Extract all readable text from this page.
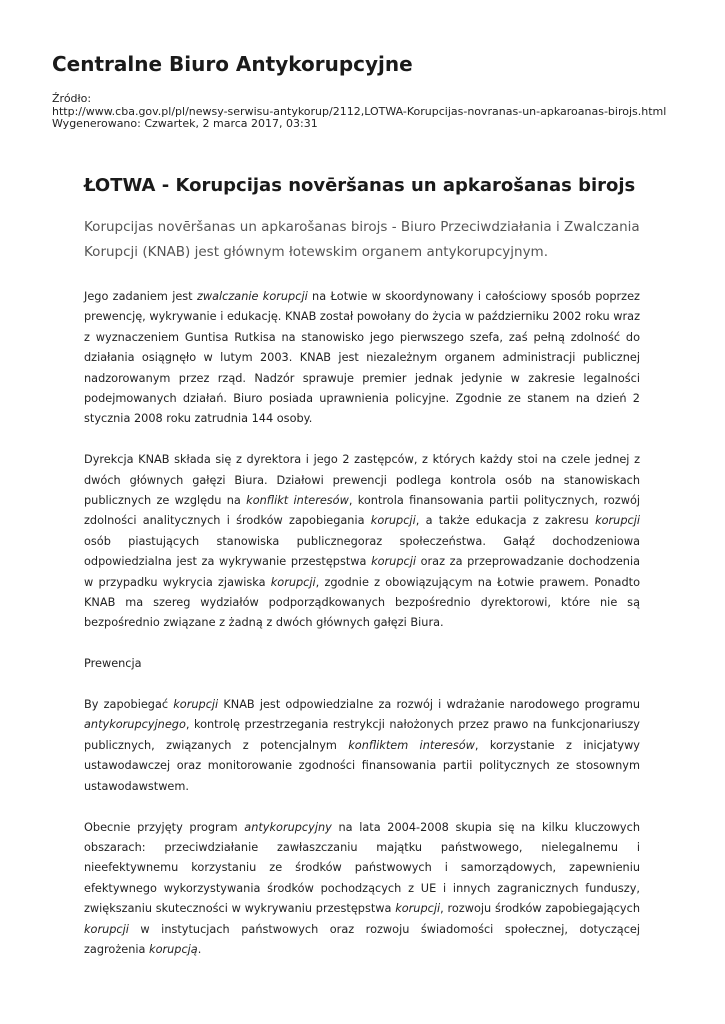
Centralne Biuro Antykorupcyjne
Źródło:
http://www.cba.gov.pl/pl/newsy-serwisu-antykorup/2112,LOTWA-Korupcijas-novranas-un-apkaroanas-birojs.html
Wygenerowano: Czwartek, 2 marca 2017, 03:31
ŁOTWA - Korupcijas novēršanas un apkarošanas birojs

Korupcijas novēršanas un apkarošanas birojs - Biuro Przeciwdziałania i Zwalczania Korupcji (KNAB) jest głównym łotewskim organem antykorupcyjnym.

Jego zadaniem jest zwalczanie korupcji na Łotwie w skoordynowany i całościowy sposób poprzez prewencję, wykrywanie i edukację. KNAB został powołany do życia w październiku 2002 roku wraz z wyznaczeniem Guntisa Rutkisa na stanowisko jego pierwszego szefa, zaś pełną zdolność do działania osiągnęło w lutym 2003. KNAB jest niezależnym organem administracji publicznej nadzorowanym przez rząd. Nadzór sprawuje premier jednak jedynie w zakresie legalności podejmowanych działań. Biuro posiada uprawnienia policyjne. Zgodnie ze stanem na dzień 2 stycznia 2008 roku zatrudnia 144 osoby.

Dyrekcja KNAB składa się z dyrektora i jego 2 zastępców, z których każdy stoi na czele jednej z dwóch głównych gałęzi Biura. Działowi prewencji podlega kontrola osób na stanowiskach publicznych ze względu na konflikt interesów, kontrola finansowania partii politycznych, rozwój zdolności analitycznych i środków zapobiegania korupcji, a także edukacja z zakresu korupcji osób piastujących stanowiska publicznegoraz społeczeństwa. Gałąź dochodzeniowa odpowiedzialna jest za wykrywanie przestępstwa korupcji oraz za przeprowadzanie dochodzenia w przypadku wykrycia zjawiska korupcji, zgodnie z obowiązującym na Łotwie prawem. Ponadto KNAB ma szereg wydziałów podporządkowanych bezpośrednio dyrektorowi, które nie są bezpośrednio związane z żadną z dwóch głównych gałęzi Biura.

Prewencja

By zapobiegać korupcji KNAB jest odpowiedzialne za rozwój i wdrażanie narodowego programu antykorupcyjnego, kontrolę przestrzegania restrykcji nałożonych przez prawo na funkcjonariuszy publicznych, związanych z potencjalnym konfliktem interesów, korzystanie z inicjatywy ustawodawczej oraz monitorowanie zgodności finansowania partii politycznych ze stosownym ustawodawstwem.

Obecnie przyjęty program antykorupcyjny na lata 2004-2008 skupia się na kilku kluczowych obszarach: przeciwdziałanie zawłaszczaniu majątku państwowego, nielegalnemu i nieefektywnemu korzystaniu ze środków państwowych i samorządowych, zapewnieniu efektywnego wykorzystywania środków pochodzących z UE i innych zagranicznych funduszy, zwiększaniu skuteczności w wykrywaniu przestępstwa korupcji, rozwoju środków zapobiegających korupcji w instytucjach państwowych oraz rozwoju świadomości społecznej, dotyczącej zagrożenia korupcją.
